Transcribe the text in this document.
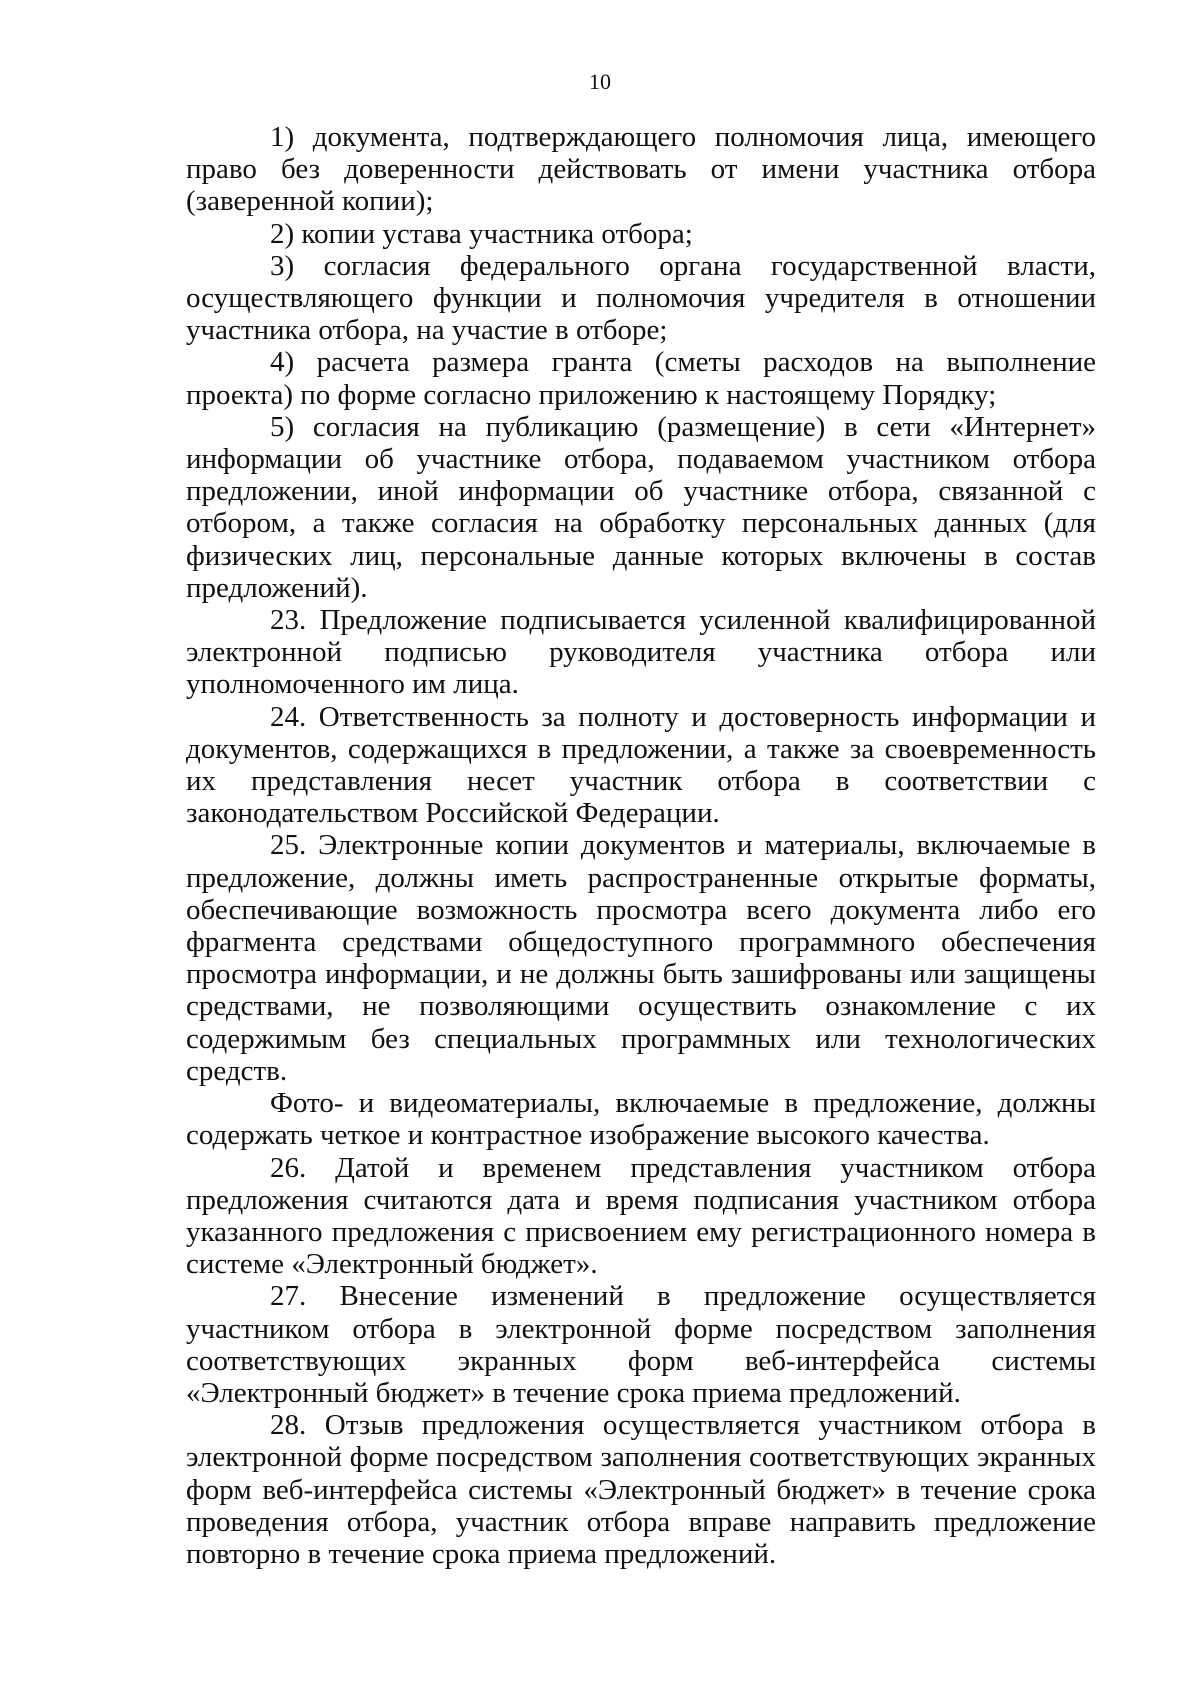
10

1) документа, подтверждающего полномочия лица, имеющего право без доверенности действовать от имени участника отбора (заверенной копии);

2) копии устава участника отбора;

3) согласия федерального органа государственной власти, осуществляющего функции и полномочия учредителя в отношении участника отбора, на участие в отборе;

4) расчета размера гранта (сметы расходов на выполнение проекта) по форме согласно приложению к настоящему Порядку;

5) согласия на публикацию (размещение) в сети «Интернет» информации об участнике отбора, подаваемом участником отбора предложении, иной информации об участнике отбора, связанной с отбором, а также согласия на обработку персональных данных (для физических лиц, персональные данные которых включены в состав предложений).

23. Предложение подписывается усиленной квалифицированной электронной подписью руководителя участника отбора или уполномоченного им лица.

24. Ответственность за полноту и достоверность информации и документов, содержащихся в предложении, а также за своевременность их представления несет участник отбора в соответствии с законодательством Российской Федерации.

25. Электронные копии документов и материалы, включаемые в предложение, должны иметь распространенные открытые форматы, обеспечивающие возможность просмотра всего документа либо его фрагмента средствами общедоступного программного обеспечения просмотра информации, и не должны быть зашифрованы или защищены средствами, не позволяющими осуществить ознакомление с их содержимым без специальных программных или технологических средств.

Фото- и видеоматериалы, включаемые в предложение, должны содержать четкое и контрастное изображение высокого качества.

26. Датой и временем представления участником отбора предложения считаются дата и время подписания участником отбора указанного предложения с присвоением ему регистрационного номера в системе «Электронный бюджет».

27. Внесение изменений в предложение осуществляется участником отбора в электронной форме посредством заполнения соответствующих экранных форм веб-интерфейса системы «Электронный бюджет» в течение срока приема предложений.

28. Отзыв предложения осуществляется участником отбора в электронной форме посредством заполнения соответствующих экранных форм веб-интерфейса системы «Электронный бюджет» в течение срока проведения отбора, участник отбора вправе направить предложение повторно в течение срока приема предложений.
